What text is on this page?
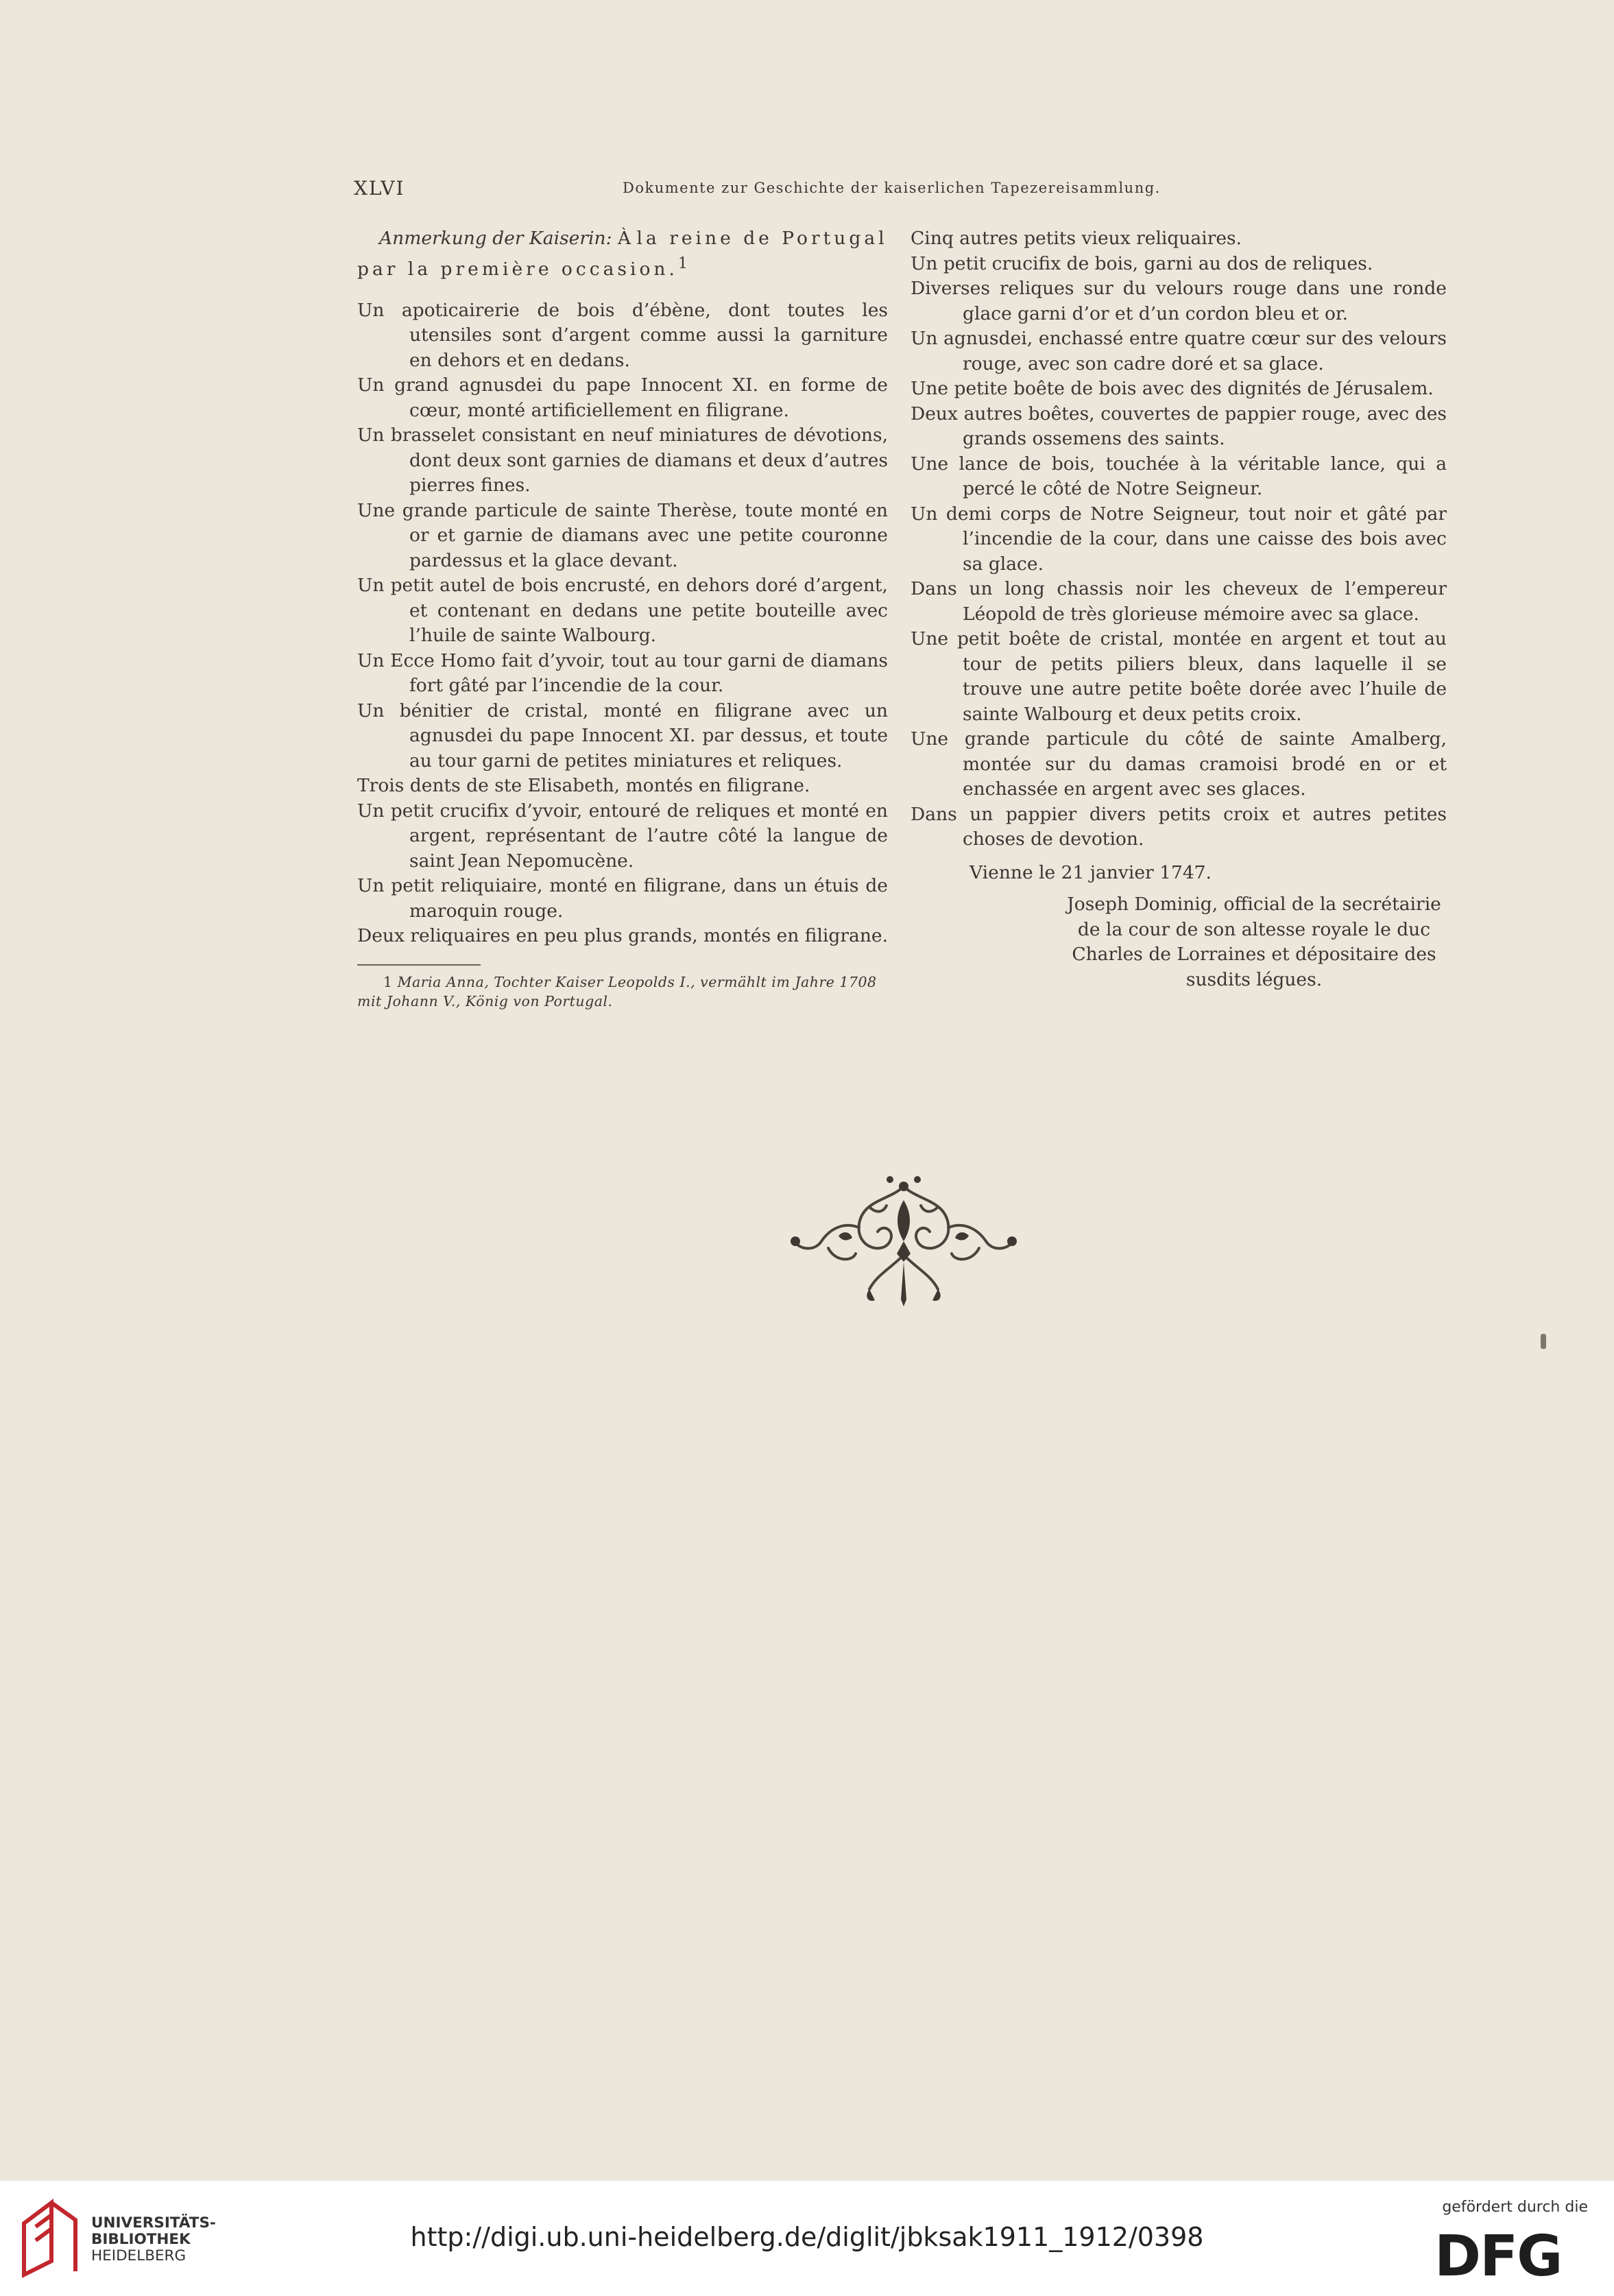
XLVI	Dokumente zur Geschichte der kaiserlichen Tapezereisammlung.
Anmerkung der Kaiserin: À la reine de Portugal par la première occasion.$^1$
Un apoticairerie de bois d’ébène, dont toutes les utensiles sont d’argent comme aussi la garniture en dehors et en dedans.
Un grand agnusdei du pape Innocent XI. en forme de cœur, monté artificiellement en filigrane.
Un brasselet consistant en neuf miniatures de dévotions, dont deux sont garnies de diamans et deux d’autres pierres fines.
Une grande particule de sainte Therèse, toute monté en or et garnie de diamans avec une petite couronne pardessus et la glace devant.
Un petit autel de bois encrusté, en dehors doré d’argent, et contenant en dedans une petite bouteille avec l’huile de sainte Walbourg.
Un Ecce Homo fait d’yvoir, tout au tour garni de diamans fort gâté par l’incendie de la cour.
Un bénitier de cristal, monté en filigrane avec un agnusdei du pape Innocent XI. par dessus, et toute au tour garni de petites miniatures et reliques.
Trois dents de ste Elisabeth, montés en filigrane.
Un petit crucifix d’yvoir, entouré de reliques et monté en argent, représentant de l’autre côté la langue de saint Jean Nepomucène.
Un petit reliquiaire, monté en filigrane, dans un étuis de maroquin rouge.
Deux reliquaires en peu plus grands, montés en filigrane.
1 Maria Anna, Tochter Kaiser Leopolds I., vermählt im Jahre 1708 mit Johann V., König von Portugal.
Cinq autres petits vieux reliquaires.
Un petit crucifix de bois, garni au dos de reliques.
Diverses reliques sur du velours rouge dans une ronde glace garni d’or et d’un cordon bleu et or.
Un agnusdei, enchassé entre quatre cœur sur des velours rouge, avec son cadre doré et sa glace.
Une petite boête de bois avec des dignités de Jérusalem.
Deux autres boêtes, couvertes de pappier rouge, avec des grands ossemens des saints.
Une lance de bois, touchée à la véritable lance, qui a percé le côté de Notre Seigneur.
Un demi corps de Notre Seigneur, tout noir et gâté par l’incendie de la cour, dans une caisse des bois avec sa glace.
Dans un long chassis noir les cheveux de l’empereur Léopold de très glorieuse mémoire avec sa glace.
Une petit boête de cristal, montée en argent et tout au tour de petits piliers bleux, dans laquelle il se trouve une autre petite boête dorée avec l’huile de sainte Walbourg et deux petits croix.
Une grande particule du côté de sainte Amalberg, montée sur du damas cramoisi brodé en or et enchassée en argent avec ses glaces.
Dans un pappier divers petits croix et autres petites choses de devotion.
Vienne le 21 janvier 1747.
Joseph Dominig, official de la secrétairie
de la cour de son altesse royale le duc
Charles de Lorraines et dépositaire des
susdits légues.
UNIVERSITÄTS-
BIBLIOTHEK
HEIDELBERG
http://digi.ub.uni-heidelberg.de/diglit/jbksak1911_1912/0398
gefördert durch die
DFG
